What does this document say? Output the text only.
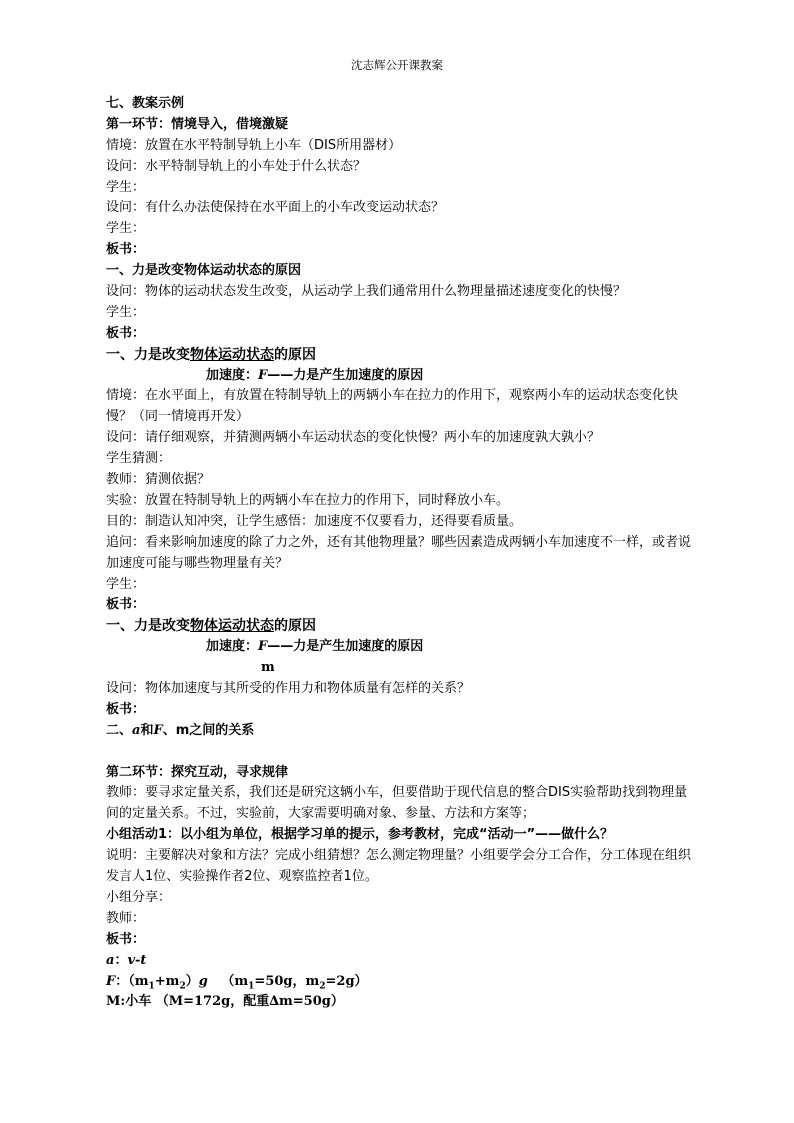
沈志辉公开课教案
七、教案示例
第一环节：情境导入，借境激疑
情境：放置在水平特制导轨上小车（DIS所用器材）
设问：水平特制导轨上的小车处于什么状态？
学生：
设问：有什么办法使保持在水平面上的小车改变运动状态？
学生：
板书：
一、力是改变物体运动状态的原因
设问：物体的运动状态发生改变，从运动学上我们通常用什么物理量描述速度变化的快慢？
学生：
板书：
一、力是改变物体运动状态的原因
加速度：F——力是产生加速度的原因
情境：在水平面上，有放置在特制导轨上的两辆小车在拉力的作用下，观察两小车的运动状态变化快慢？（同一情境再开发）
设问：请仔细观察，并猜测两辆小车运动状态的变化快慢？两小车的加速度孰大孰小？
学生猜测：
教师：猜测依据？
实验：放置在特制导轨上的两辆小车在拉力的作用下，同时释放小车。
目的：制造认知冲突，让学生感悟：加速度不仅要看力，还得要看质量。
追问：看来影响加速度的除了力之外，还有其他物理量？哪些因素造成两辆小车加速度不一样，或者说加速度可能与哪些物理量有关？
学生：
板书：
一、力是改变物体运动状态的原因
加速度：F——力是产生加速度的原因
m
设问：物体加速度与其所受的作用力和物体质量有怎样的关系？
板书：
二、a和F、m之间的关系
第二环节：探究互动，寻求规律
教师：要寻求定量关系，我们还是研究这辆小车，但要借助于现代信息的整合DIS实验帮助找到物理量间的定量关系。不过，实验前，大家需要明确对象、参量、方法和方案等；
小组活动1：以小组为单位，根据学习单的提示，参考教材，完成“活动一”——做什么？
说明：主要解决对象和方法？完成小组猜想？怎么测定物理量？小组要学会分工合作，分工体现在组织发言人1位、实验操作者2位、观察监控者1位。
小组分享：
教师：
板书：
a：v-t
F：$(m_1+m_2)g$ （$m_1=50g$，$m_2=2g$）
M:小车 （M=172g，配重∆m=50g）
